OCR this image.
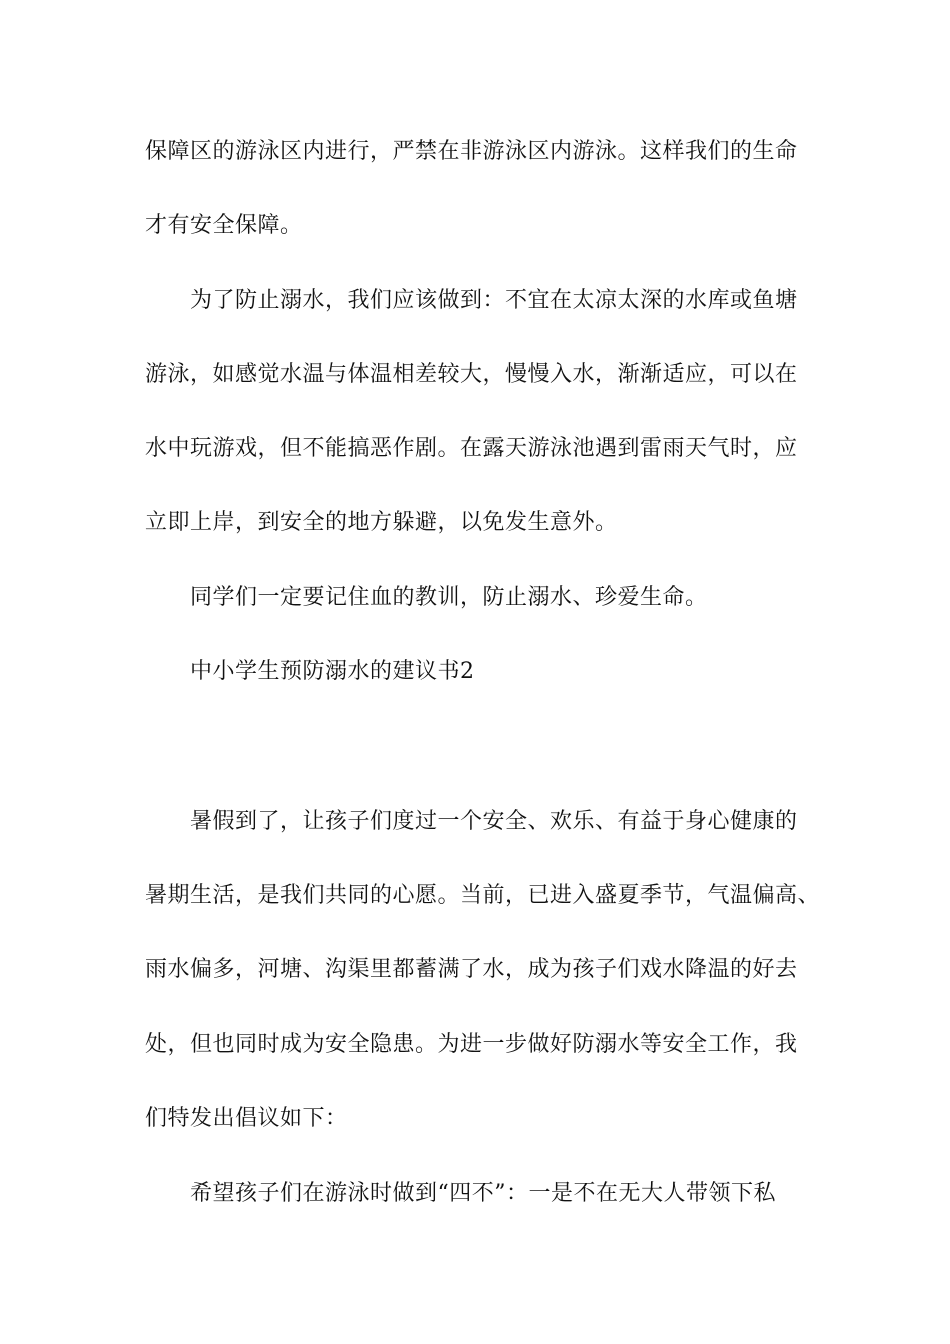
保障区的游泳区内进行，严禁在非游泳区内游泳。这样我们的生命
才有安全保障。
为了防止溺水，我们应该做到：不宜在太凉太深的水库或鱼塘
游泳，如感觉水温与体温相差较大，慢慢入水，渐渐适应，可以在
水中玩游戏，但不能搞恶作剧。在露天游泳池遇到雷雨天气时，应
立即上岸，到安全的地方躲避，以免发生意外。
同学们一定要记住血的教训，防止溺水、珍爱生命。
中小学生预防溺水的建议书2
暑假到了，让孩子们度过一个安全、欢乐、有益于身心健康的
暑期生活，是我们共同的心愿。当前，已进入盛夏季节，气温偏高、
雨水偏多，河塘、沟渠里都蓄满了水，成为孩子们戏水降温的好去
处，但也同时成为安全隐患。为进一步做好防溺水等安全工作，我
们特发出倡议如下：
希望孩子们在游泳时做到“四不”：一是不在无大人带领下私
